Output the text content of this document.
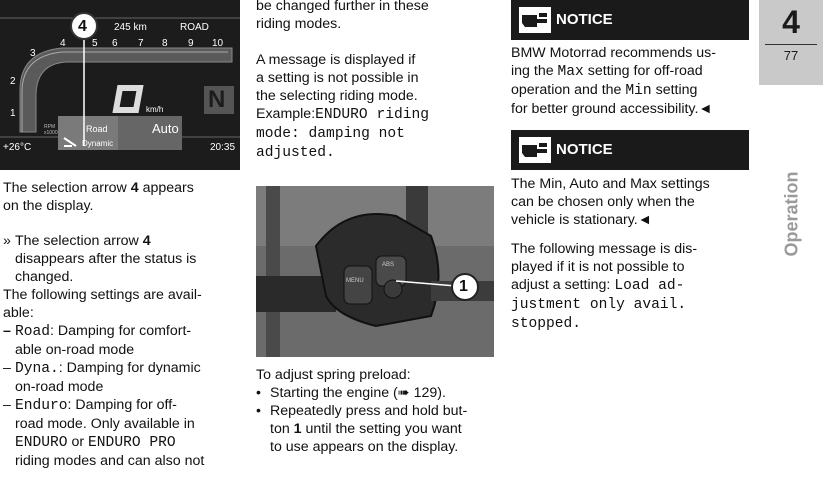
4	245 km	ROAD
1
2
3
4	5 6 7 8 9 10
km/h N
RPM x1000
+26°C
Road
Dynamic
Auto
20:35
The selection arrow 4 appears
on the display.
» The selection arrow 4
disappears after the status is
changed.
The following settings are avail-
able:
– Road: Damping for comfort-
able on-road mode
– Dyna.: Damping for dynamic
on-road mode
– Enduro: Damping for off-
road mode. Only available in
ENDURO or ENDURO PRO
riding modes and can also not
be changed further in these
riding modes.
A message is displayed if
a setting is not possible in
the selecting riding mode.
Example:ENDURO riding
mode: damping not
adjusted.
MENU
ABS
1
To adjust spring preload:
• Starting the engine (➠ 129).
• Repeatedly press and hold but-
ton 1 until the setting you want
to use appears on the display.
NOTICE
BMW Motorrad recommends us-
ing the Max setting for off-road
operation and the Min setting
for better ground accessibility.◄
NOTICE
The Min, Auto and Max settings
can be chosen only when the
vehicle is stationary.◄
The following message is dis-
played if it is not possible to
adjust a setting: Load ad-
justment only avail.
stopped.
4
77
Operation
